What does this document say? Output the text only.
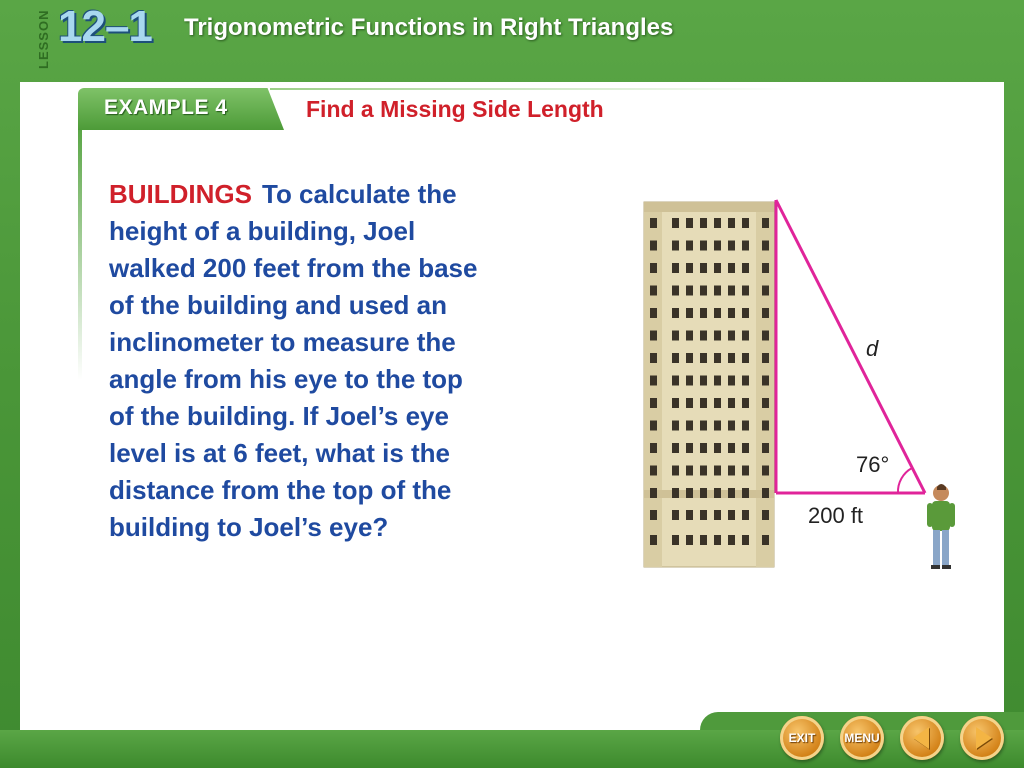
LESSON 12–1 Trigonometric Functions in Right Triangles
EXAMPLE 4	Find a Missing Side Length
BUILDINGS To calculate the
height of a building, Joel
walked 200 feet from the base
of the building and used an
inclinometer to measure the
angle from his eye to the top
of the building. If Joel’s eye
level is at 6 feet, what is the
distance from the top of the
building to Joel’s eye?
d
76°
200 ft
EXIT MENU
